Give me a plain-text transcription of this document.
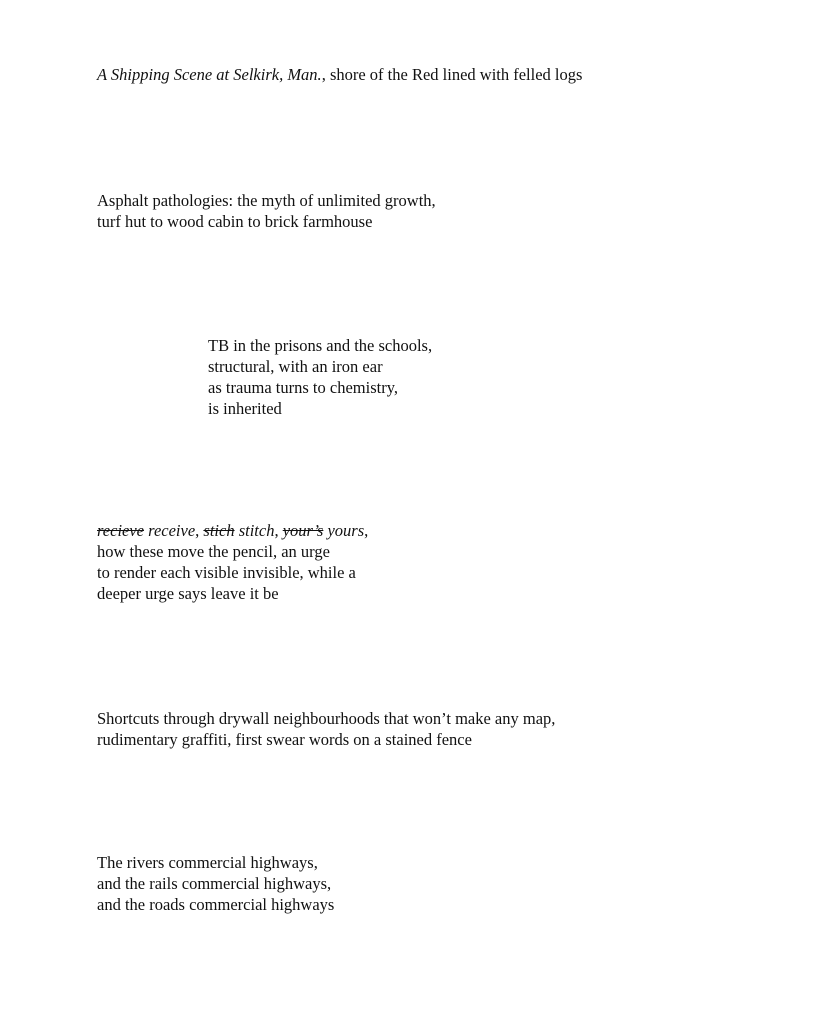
A Shipping Scene at Selkirk, Man., shore of the Red lined with felled logs
Asphalt pathologies: the myth of unlimited growth,
turf hut to wood cabin to brick farmhouse
TB in the prisons and the schools,
structural, with an iron ear
as trauma turns to chemistry,
is inherited
recieve receive, stich stitch, your’s yours,
how these move the pencil, an urge
to render each visible invisible, while a
deeper urge says leave it be
Shortcuts through drywall neighbourhoods that won’t make any map,
rudimentary graffiti, first swear words on a stained fence
The rivers commercial highways,
and the rails commercial highways,
and the roads commercial highways
